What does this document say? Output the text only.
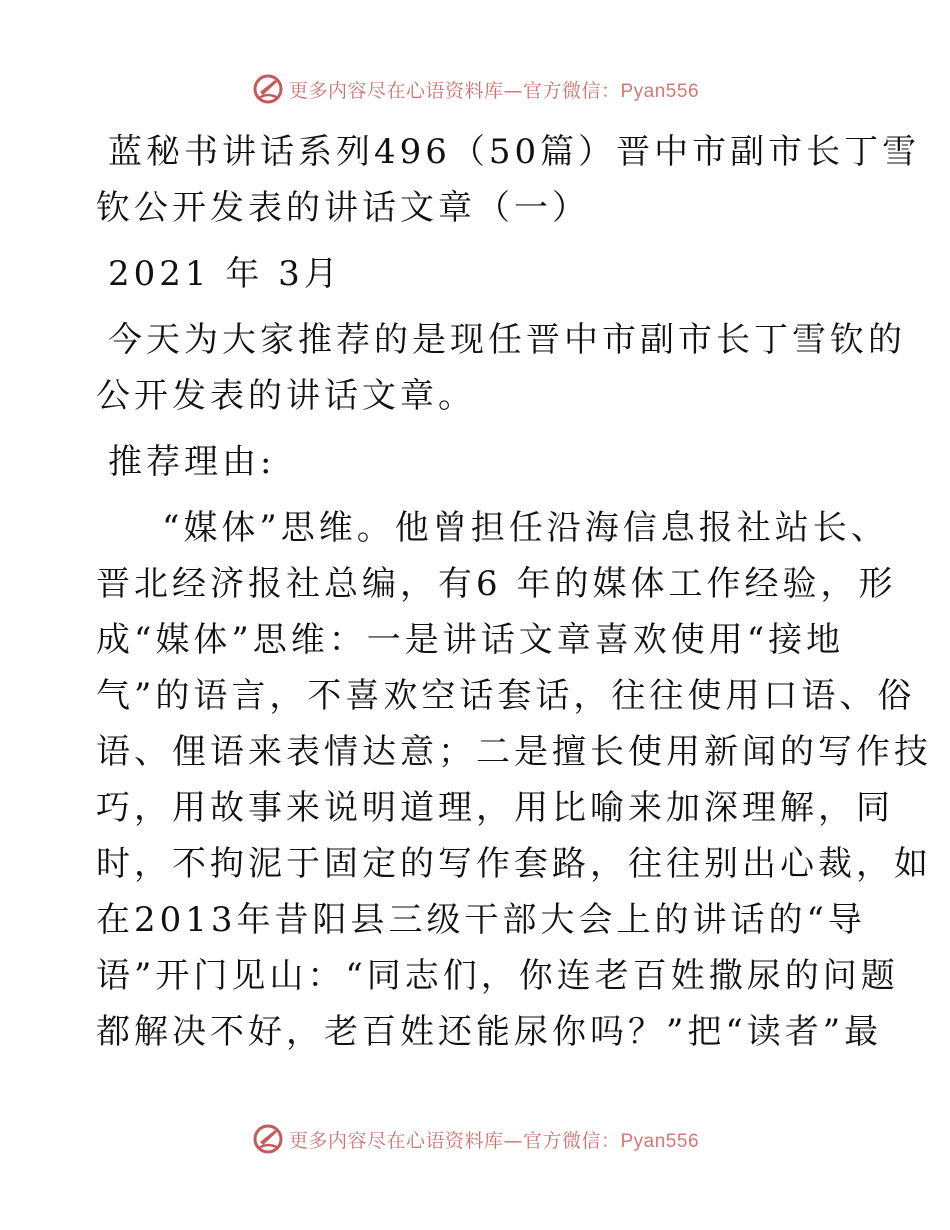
更多内容尽在心语资料库—官方微信：Pyan556
蓝秘书讲话系列496（50篇）晋中市副市长丁雪
钦公开发表的讲话文章（一）
2021 年 3月
今天为大家推荐的是现任晋中市副市长丁雪钦的
公开发表的讲话文章。
推荐理由:
“媒体”思维。他曾担任沿海信息报社站长、
晋北经济报社总编，有6 年的媒体工作经验，形
成“媒体”思维：一是讲话文章喜欢使用“接地
气”的语言，不喜欢空话套话，往往使用口语、俗
语、俚语来表情达意；二是擅长使用新闻的写作技
巧，用故事来说明道理，用比喻来加深理解，同
时，不拘泥于固定的写作套路，往往别出心裁，如
在2013年昔阳县三级干部大会上的讲话的“导
语”开门见山：“同志们，你连老百姓撒尿的问题
都解决不好，老百姓还能尿你吗？”把“读者”最
更多内容尽在心语资料库—官方微信：Pyan556
